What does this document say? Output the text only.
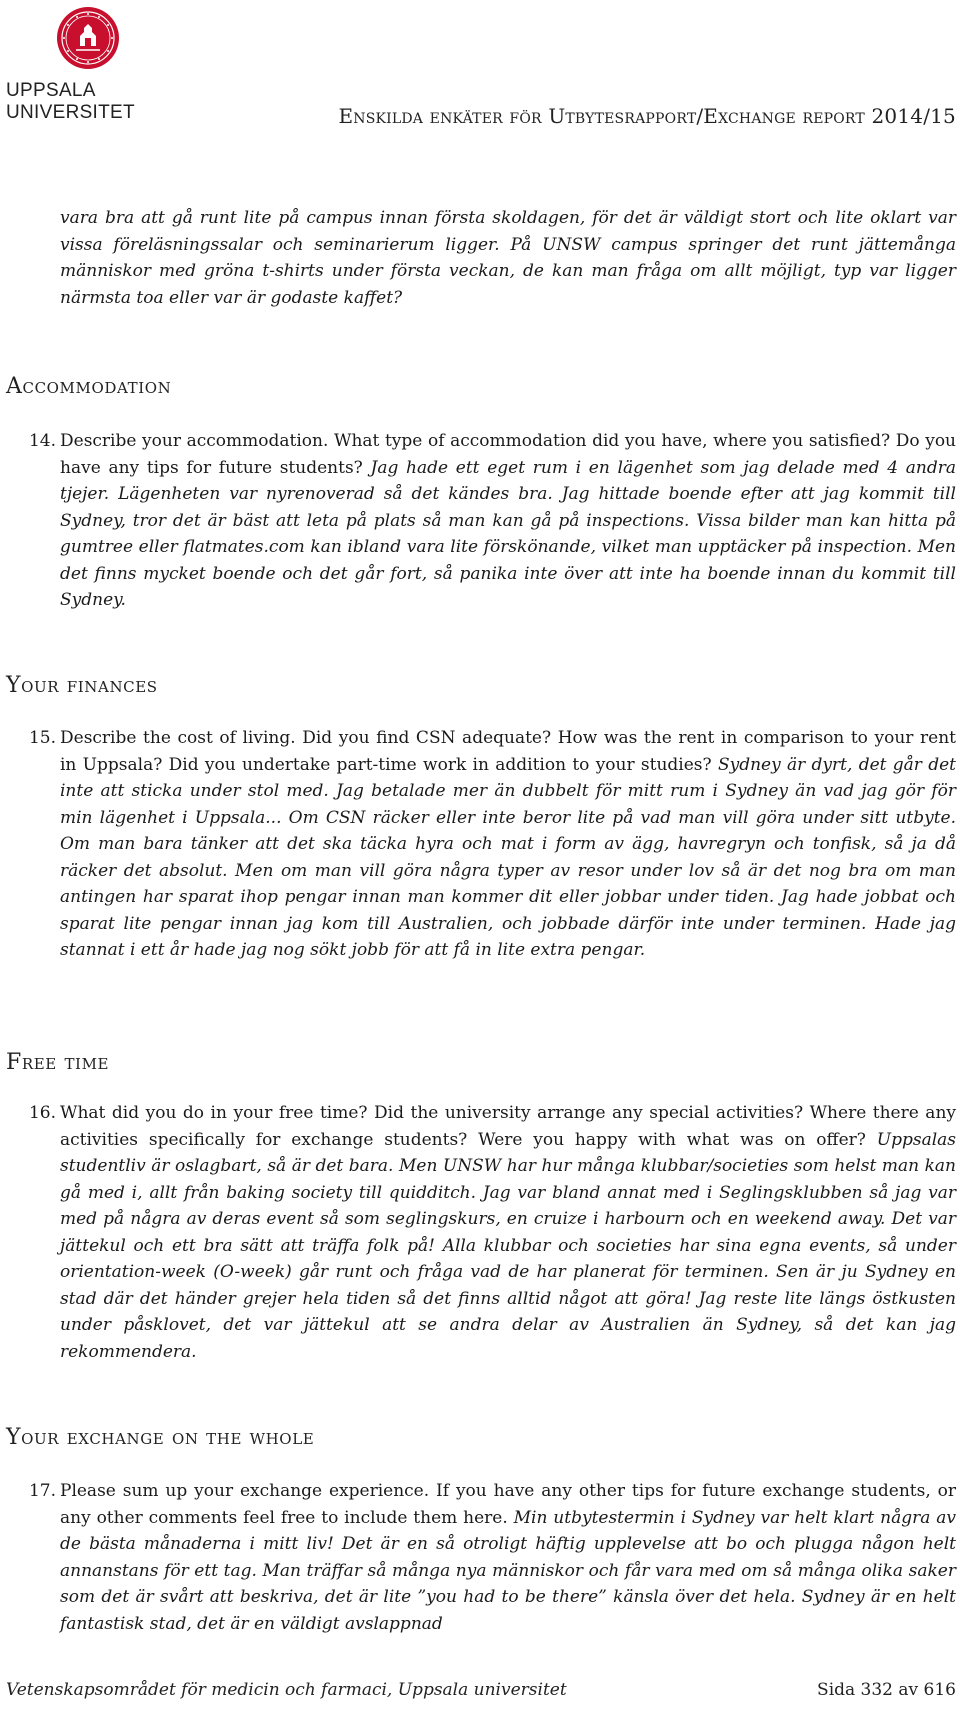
UPPSALA
UNIVERSITET	Enskilda enkäter för Utbytesrapport/Exchange report 2014/15

vara bra att gå runt lite på campus innan första skoldagen, för det är väldigt stort och lite oklart var vissa föreläsningssalar och seminarierum ligger. På UNSW campus springer det runt jättemånga människor med gröna t-shirts under första veckan, de kan man fråga om allt möjligt, typ var ligger närmsta toa eller var är godaste kaffet?

Accommodation
14. Describe your accommodation. What type of accommodation did you have, where you satisfied? Do you have any tips for future students? Jag hade ett eget rum i en lägenhet som jag delade med 4 andra tjejer. Lägenheten var nyrenoverad så det kändes bra. Jag hittade boende efter att jag kommit till Sydney, tror det är bäst att leta på plats så man kan gå på inspections. Vissa bilder man kan hitta på gumtree eller flatmates.com kan ibland vara lite förskönande, vilket man upptäcker på inspection. Men det finns mycket boende och det går fort, så panika inte över att inte ha boende innan du kommit till Sydney.
Your finances
15. Describe the cost of living. Did you find CSN adequate? How was the rent in comparison to your rent in Uppsala? Did you undertake part-time work in addition to your studies? Sydney är dyrt, det går det inte att sticka under stol med. Jag betalade mer än dubbelt för mitt rum i Sydney än vad jag gör för min lägenhet i Uppsala... Om CSN räcker eller inte beror lite på vad man vill göra under sitt utbyte. Om man bara tänker att det ska täcka hyra och mat i form av ägg, havregryn och tonfisk, så ja då räcker det absolut. Men om man vill göra några typer av resor under lov så är det nog bra om man antingen har sparat ihop pengar innan man kommer dit eller jobbar under tiden. Jag hade jobbat och sparat lite pengar innan jag kom till Australien, och jobbade därför inte under terminen. Hade jag stannat i ett år hade jag nog sökt jobb för att få in lite extra pengar.
Free time
16. What did you do in your free time? Did the university arrange any special activities? Where there any activities specifically for exchange students? Were you happy with what was on offer? Uppsalas studentliv är oslagbart, så är det bara. Men UNSW har hur många klubbar/societies som helst man kan gå med i, allt från baking society till quidditch. Jag var bland annat med i Seglingsklubben så jag var med på några av deras event så som seglingskurs, en cruize i harbourn och en weekend away. Det var jättekul och ett bra sätt att träffa folk på! Alla klubbar och societies har sina egna events, så under orientation-week (O-week) går runt och fråga vad de har planerat för terminen. Sen är ju Sydney en stad där det händer grejer hela tiden så det finns alltid något att göra! Jag reste lite längs östkusten under påsklovet, det var jättekul att se andra delar av Australien än Sydney, så det kan jag rekommendera.
Your exchange on the whole
17. Please sum up your exchange experience. If you have any other tips for future exchange students, or any other comments feel free to include them here. Min utbytestermin i Sydney var helt klart några av de bästa månaderna i mitt liv! Det är en så otroligt häftig upplevelse att bo och plugga någon helt annanstans för ett tag. Man träffar så många nya människor och får vara med om så många olika saker som det är svårt att beskriva, det är lite ”you had to be there” känsla över det hela. Sydney är en helt fantastisk stad, det är en väldigt avslappnad
Vetenskapsområdet för medicin och farmaci, Uppsala universitet	Sida 332 av 616
